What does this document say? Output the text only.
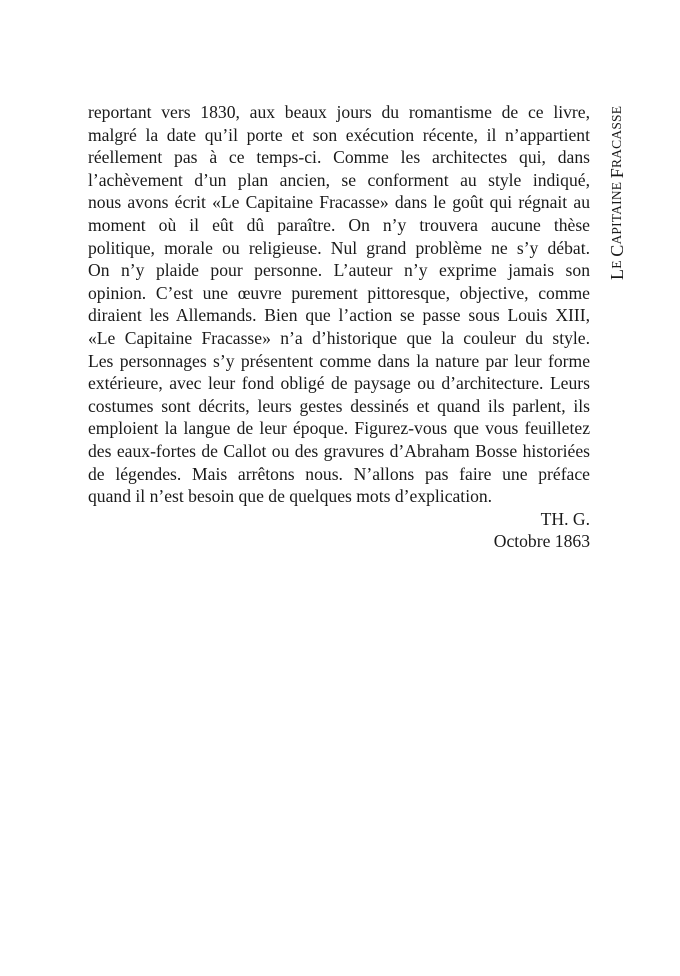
LE CAPITAINE FRACASSE
reportant vers 1830, aux beaux jours du romantisme de ce livre,
malgré la date qu’il porte et son exécution récente, il n’appartient
réellement pas à ce temps-ci. Comme les architectes qui, dans
l’achèvement d’un plan ancien, se conforment au style indiqué,
nous avons écrit «Le Capitaine Fracasse» dans le goût qui régnait au
moment où il eût dû paraître. On n’y trouvera aucune thèse
politique, morale ou religieuse. Nul grand problème ne s’y débat.
On n’y plaide pour personne. L’auteur n’y exprime jamais son
opinion. C’est une œuvre purement pittoresque, objective, comme
diraient les Allemands. Bien que l’action se passe sous Louis XIII,
«Le Capitaine Fracasse» n’a d’historique que la couleur du style.
Les personnages s’y présentent comme dans la nature par leur forme
extérieure, avec leur fond obligé de paysage ou d’architecture. Leurs
costumes sont décrits, leurs gestes dessinés et quand ils parlent, ils
emploient la langue de leur époque. Figurez-vous que vous feuilletez
des eaux-fortes de Callot ou des gravures d’Abraham Bosse historiées
de légendes. Mais arrêtons nous. N’allons pas faire une préface
quand il n’est besoin que de quelques mots d’explication.
TH. G.
Octobre 1863
